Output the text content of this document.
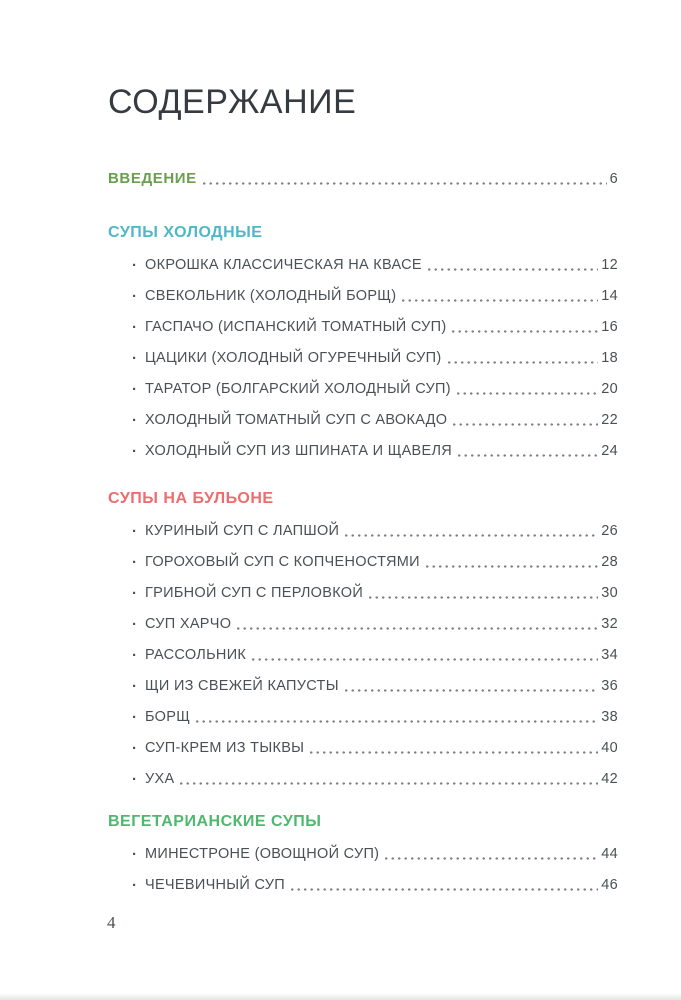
СОДЕРЖАНИЕ
ВВЕДЕНИЕ	6
СУПЫ ХОЛОДНЫЕ
·
ОКРОШКА КЛАССИЧЕСКАЯ НА КВАСЕ	12
·
СВЕКОЛЬНИК (ХОЛОДНЫЙ БОРЩ)	14
·
ГАСПАЧО (ИСПАНСКИЙ ТОМАТНЫЙ СУП)	16
·
ЦАЦИКИ (ХОЛОДНЫЙ ОГУРЕЧНЫЙ СУП)	18
·
ТАРАТОР (БОЛГАРСКИЙ ХОЛОДНЫЙ СУП)	20
·
ХОЛОДНЫЙ ТОМАТНЫЙ СУП С АВОКАДО	22
·
ХОЛОДНЫЙ СУП ИЗ ШПИНАТА И ЩАВЕЛЯ	24
СУПЫ НА БУЛЬОНЕ
·
КУРИНЫЙ СУП С ЛАПШОЙ	26
·
ГОРОХОВЫЙ СУП С КОПЧЕНОСТЯМИ	28
·
ГРИБНОЙ СУП С ПЕРЛОВКОЙ	30
·
СУП ХАРЧО	32
·
РАССОЛЬНИК	34
·
ЩИ ИЗ СВЕЖЕЙ КАПУСТЫ	36
·
БОРЩ	38
·
СУП-КРЕМ ИЗ ТЫКВЫ	40
·
УХА	42
ВЕГЕТАРИАНСКИЕ СУПЫ
·
МИНЕСТРОНЕ (ОВОЩНОЙ СУП)	44
·
ЧЕЧЕВИЧНЫЙ СУП	46
4
